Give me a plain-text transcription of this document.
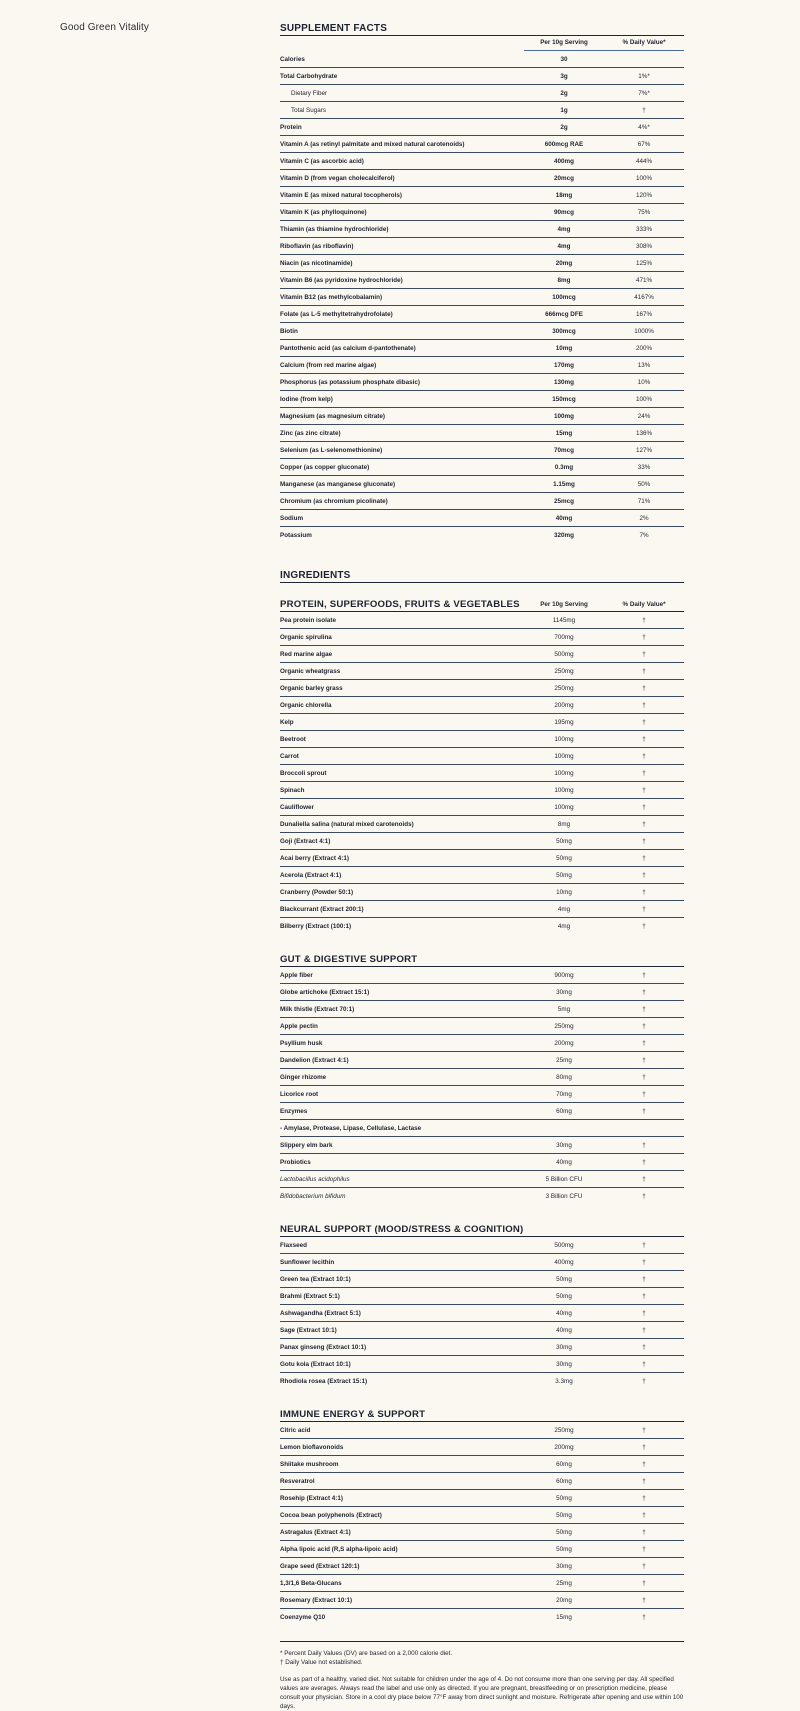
Good Green Vitality	SUPPLEMENT FACTS
Per 10g Serving	% Daily Value*
Calories	30
Total Carbohydrate	3g	1%*
Dietary Fiber	2g	7%*
Total Sugars	1g	†
Protein	2g	4%*
Vitamin A (as retinyl palmitate and mixed natural carotenoids)	600mcg RAE	67%
Vitamin C (as ascorbic acid)	400mg	444%
Vitamin D (from vegan cholecalciferol)	20mcg	100%
Vitamin E (as mixed natural tocopherols)	18mg	120%
Vitamin K (as phylloquinone)	90mcg	75%
Thiamin (as thiamine hydrochloride)	4mg	333%
Riboflavin (as riboflavin)	4mg	308%
Niacin (as nicotinamide)	20mg	125%
Vitamin B6 (as pyridoxine hydrochloride)	8mg	471%
Vitamin B12 (as methylcobalamin)	100mcg	4167%
Folate (as L-5 methyltetrahydrofolate)	666mcg DFE	167%
Biotin	300mcg	1000%
Pantothenic acid (as calcium d-pantothenate)	10mg	200%
Calcium (from red marine algae)	170mg	13%
Phosphorus (as potassium phosphate dibasic)	130mg	10%
Iodine (from kelp)	150mcg	100%
Magnesium (as magnesium citrate)	100mg	24%
Zinc (as zinc citrate)	15mg	136%
Selenium (as L-selenomethionine)	70mcg	127%
Copper (as copper gluconate)	0.3mg	33%
Manganese (as manganese gluconate)	1.15mg	50%
Chromium (as chromium picolinate)	25mcg	71%
Sodium	40mg	2%
Potassium	320mg	7%
INGREDIENTS
PROTEIN, SUPERFOODS, FRUITS & VEGETABLES	Per 10g Serving	% Daily Value*
Pea protein isolate	1145mg	†
Organic spirulina	700mg	†
Red marine algae	500mg	†
Organic wheatgrass	250mg	†
Organic barley grass	250mg	†
Organic chlorella	200mg	†
Kelp	195mg	†
Beetroot	100mg	†
Carrot	100mg	†
Broccoli sprout	100mg	†
Spinach	100mg	†
Cauliflower	100mg	†
Dunaliella salina (natural mixed carotenoids)	8mg	†
Goji (Extract 4:1)	50mg	†
Acai berry (Extract 4:1)	50mg	†
Acerola (Extract 4:1)	50mg	†
Cranberry (Powder 50:1)	10mg	†
Blackcurrant (Extract 200:1)	4mg	†
Bilberry (Extract (100:1)	4mg	†
GUT & DIGESTIVE SUPPORT
Apple fiber	900mg	†
Globe artichoke (Extract 15:1)	30mg	†
Milk thistle (Extract 70:1)	5mg	†
Apple pectin	250mg	†
Psyllium husk	200mg	†
Dandelion (Extract 4:1)	25mg	†
Ginger rhizome	80mg	†
Licorice root	70mg	†
Enzymes	60mg	†
- Amylase, Protease, Lipase, Cellulase, Lactase
Slippery elm bark	30mg	†
Probiotics	40mg	†
Lactobacillus acidophilus	5 Billion CFU	†
Bifidobacterium bifidum	3 Billion CFU	†
NEURAL SUPPORT (MOOD/STRESS & COGNITION)
Flaxseed	500mg	†
Sunflower lecithin	400mg	†
Green tea (Extract 10:1)	50mg	†
Brahmi (Extract 5:1)	50mg	†
Ashwagandha (Extract 5:1)	40mg	†
Sage (Extract 10:1)	40mg	†
Panax ginseng (Extract 10:1)	30mg	†
Gotu kola (Extract 10:1)	30mg	†
Rhodiola rosea (Extract 15:1)	3.3mg	†
IMMUNE ENERGY & SUPPORT
Citric acid	250mg	†
Lemon bioflavonoids	200mg	†
Shiitake mushroom	60mg	†
Resveratrol	60mg	†
Rosehip (Extract 4:1)	50mg	†
Cocoa bean polyphenols (Extract)	50mg	†
Astragalus (Extract 4:1)	50mg	†
Alpha lipoic acid (R,S alpha-lipoic acid)	50mg	†
Grape seed (Extract 120:1)	30mg	†
1,3/1,6 Beta-Glucans	25mg	†
Rosemary (Extract 10:1)	20mg	†
Coenzyme Q10	15mg	†
* Percent Daily Values (DV) are based on a 2,000 calorie diet.
† Daily Value not established.
Use as part of a healthy, varied diet. Not suitable for children under the age of 4. Do not consume more than one serving per day. All specified values are averages. Always read the label and use only as directed. If you are pregnant, breastfeeding or on prescription medicine, please consult your physician. Store in a cool dry place below 77°F away from direct sunlight and moisture. Refrigerate after opening and use within 100 days.
